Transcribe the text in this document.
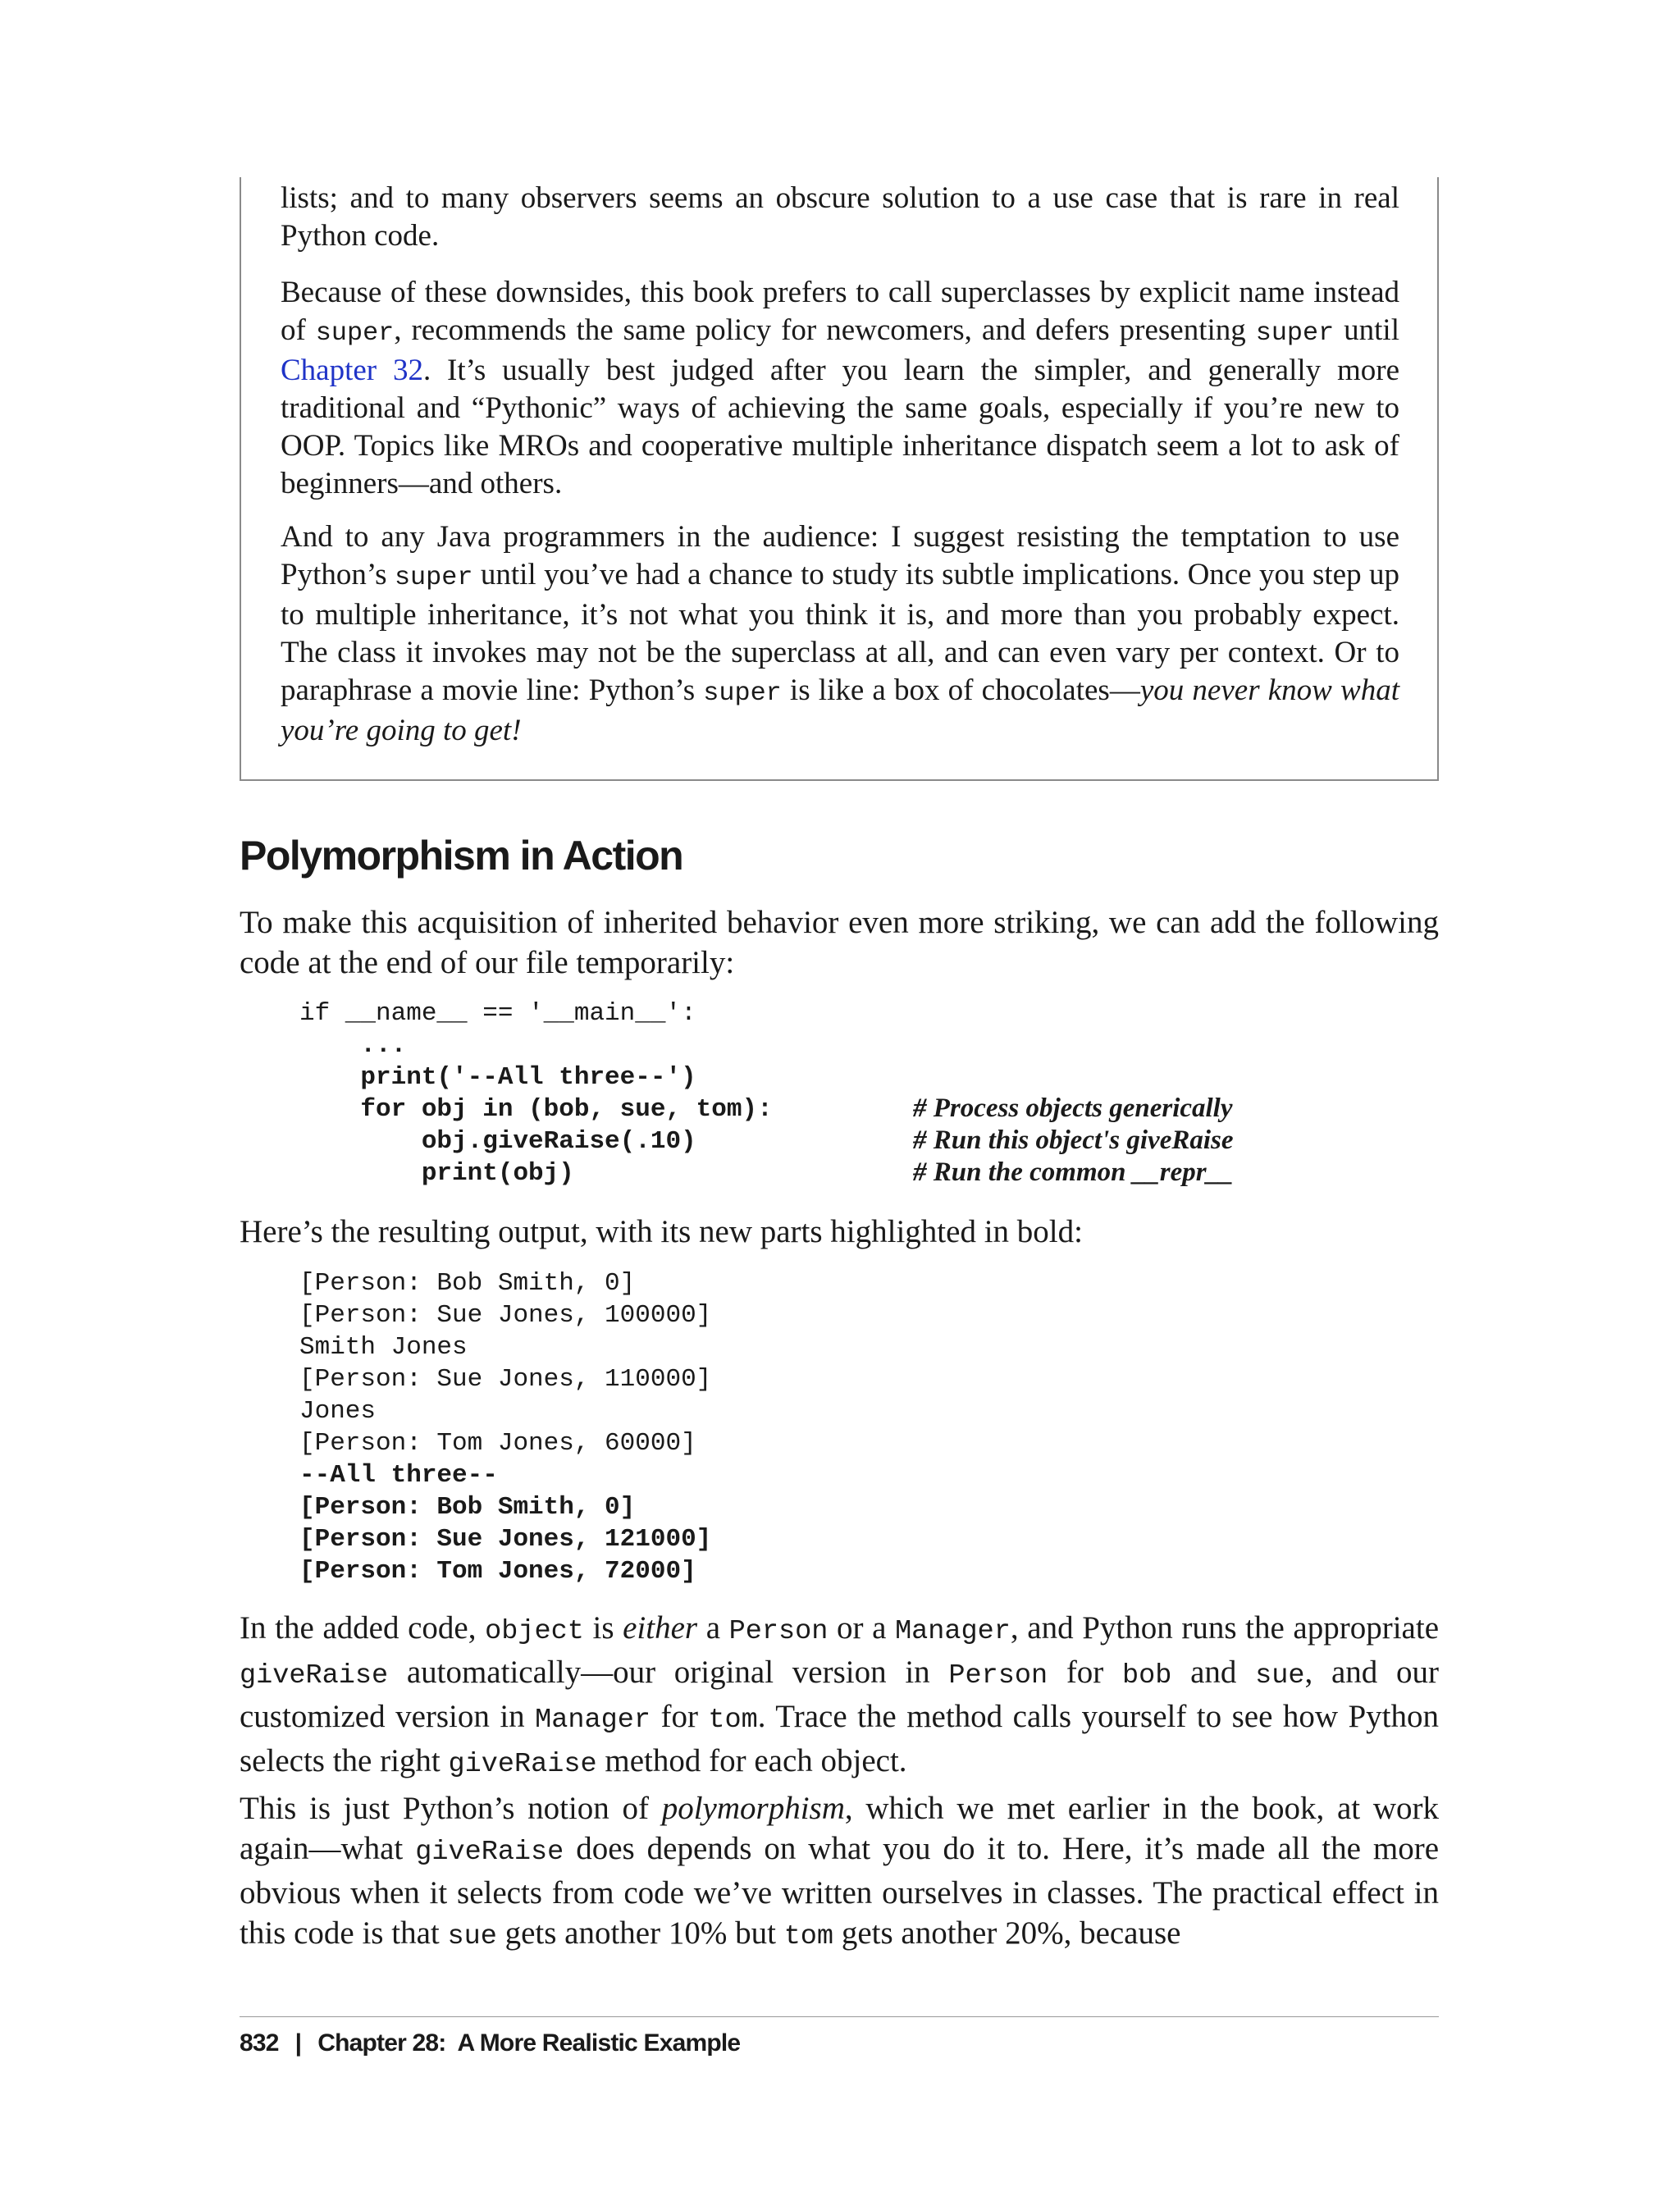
lists; and to many observers seems an obscure solution to a use case that is rare in real Python code.

Because of these downsides, this book prefers to call superclasses by explicit name instead of super, recommends the same policy for newcomers, and defers presenting super until Chapter 32. It’s usually best judged after you learn the simpler, and generally more traditional and “Pythonic” ways of achieving the same goals, especially if you’re new to OOP. Topics like MROs and cooperative multiple inheritance dispatch seem a lot to ask of beginners—and others.

And to any Java programmers in the audience: I suggest resisting the temptation to use Python’s super until you’ve had a chance to study its subtle implications. Once you step up to multiple inheritance, it’s not what you think it is, and more than you probably expect. The class it invokes may not be the superclass at all, and can even vary per context. Or to paraphrase a movie line: Python’s super is like a box of chocolates—you never know what you’re going to get!

Polymorphism in Action

To make this acquisition of inherited behavior even more striking, we can add the following code at the end of our file temporarily:

if __name__ == '__main__':
...
print('--All three--')
for obj in (bob, sue, tom):
obj.giveRaise(.10)
print(obj)
# Process objects generically
# Run this object's giveRaise
# Run the common __repr__

Here’s the resulting output, with its new parts highlighted in bold:

[Person: Bob Smith, 0]
[Person: Sue Jones, 100000]
Smith Jones
[Person: Sue Jones, 110000]
Jones
[Person: Tom Jones, 60000]
--All three--
[Person: Bob Smith, 0]
[Person: Sue Jones, 121000]
[Person: Tom Jones, 72000]

In the added code, object is either a Person or a Manager, and Python runs the appropriate giveRaise automatically—our original version in Person for bob and sue, and our customized version in Manager for tom. Trace the method calls yourself to see how Python selects the right giveRaise method for each object.

This is just Python’s notion of polymorphism, which we met earlier in the book, at work again—what giveRaise does depends on what you do it to. Here, it’s made all the more obvious when it selects from code we’ve written ourselves in classes. The practical effect in this code is that sue gets another 10% but tom gets another 20%, because

832 | Chapter 28:  A More Realistic Example
